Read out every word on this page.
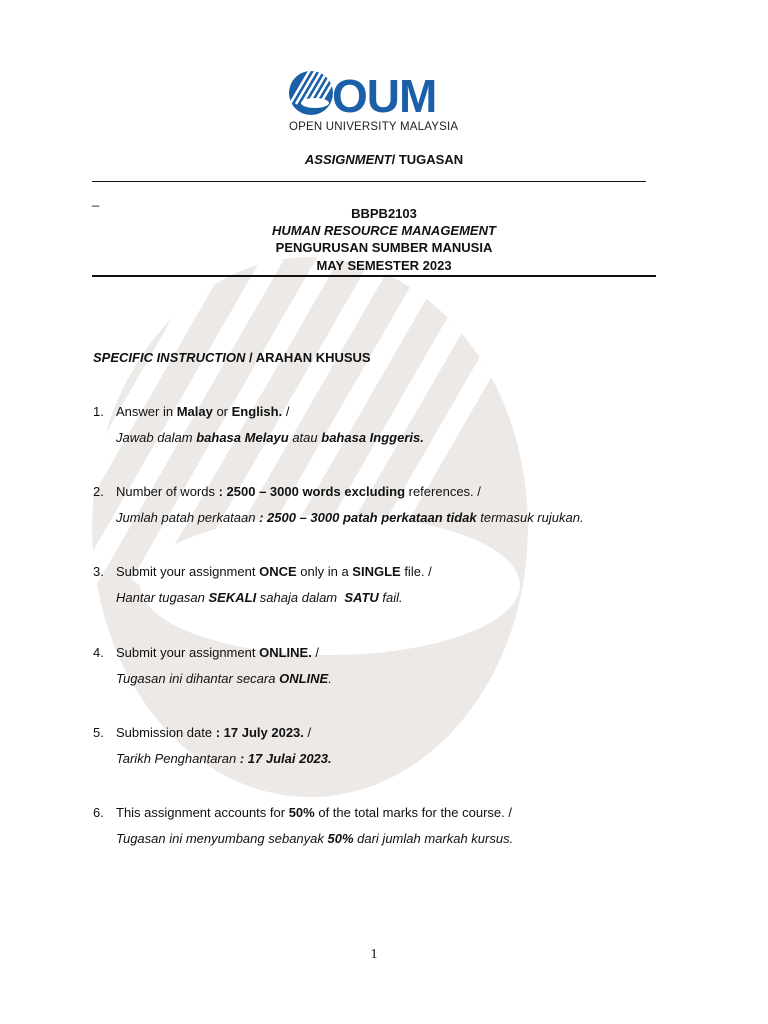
OUM
OPEN UNIVERSITY MALAYSIA
ASSIGNMENT/ TUGASAN
_
BBPB2103
HUMAN RESOURCE MANAGEMENT
PENGURUSAN SUMBER MANUSIA
MAY SEMESTER 2023
SPECIFIC INSTRUCTION / ARAHAN KHUSUS
1. Answer in Malay or English. /
Jawab dalam bahasa Melayu atau bahasa Inggeris.
2. Number of words : 2500 – 3000 words excluding references. /
Jumlah patah perkataan : 2500 – 3000 patah perkataan tidak termasuk rujukan.
3. Submit your assignment ONCE only in a SINGLE file. /
Hantar tugasan SEKALI sahaja dalam  SATU fail.
4. Submit your assignment ONLINE. /
Tugasan ini dihantar secara ONLINE.
5. Submission date : 17 July 2023. /
Tarikh Penghantaran : 17 Julai 2023.
6. This assignment accounts for 50% of the total marks for the course. /
Tugasan ini menyumbang sebanyak 50% dari jumlah markah kursus.
1
